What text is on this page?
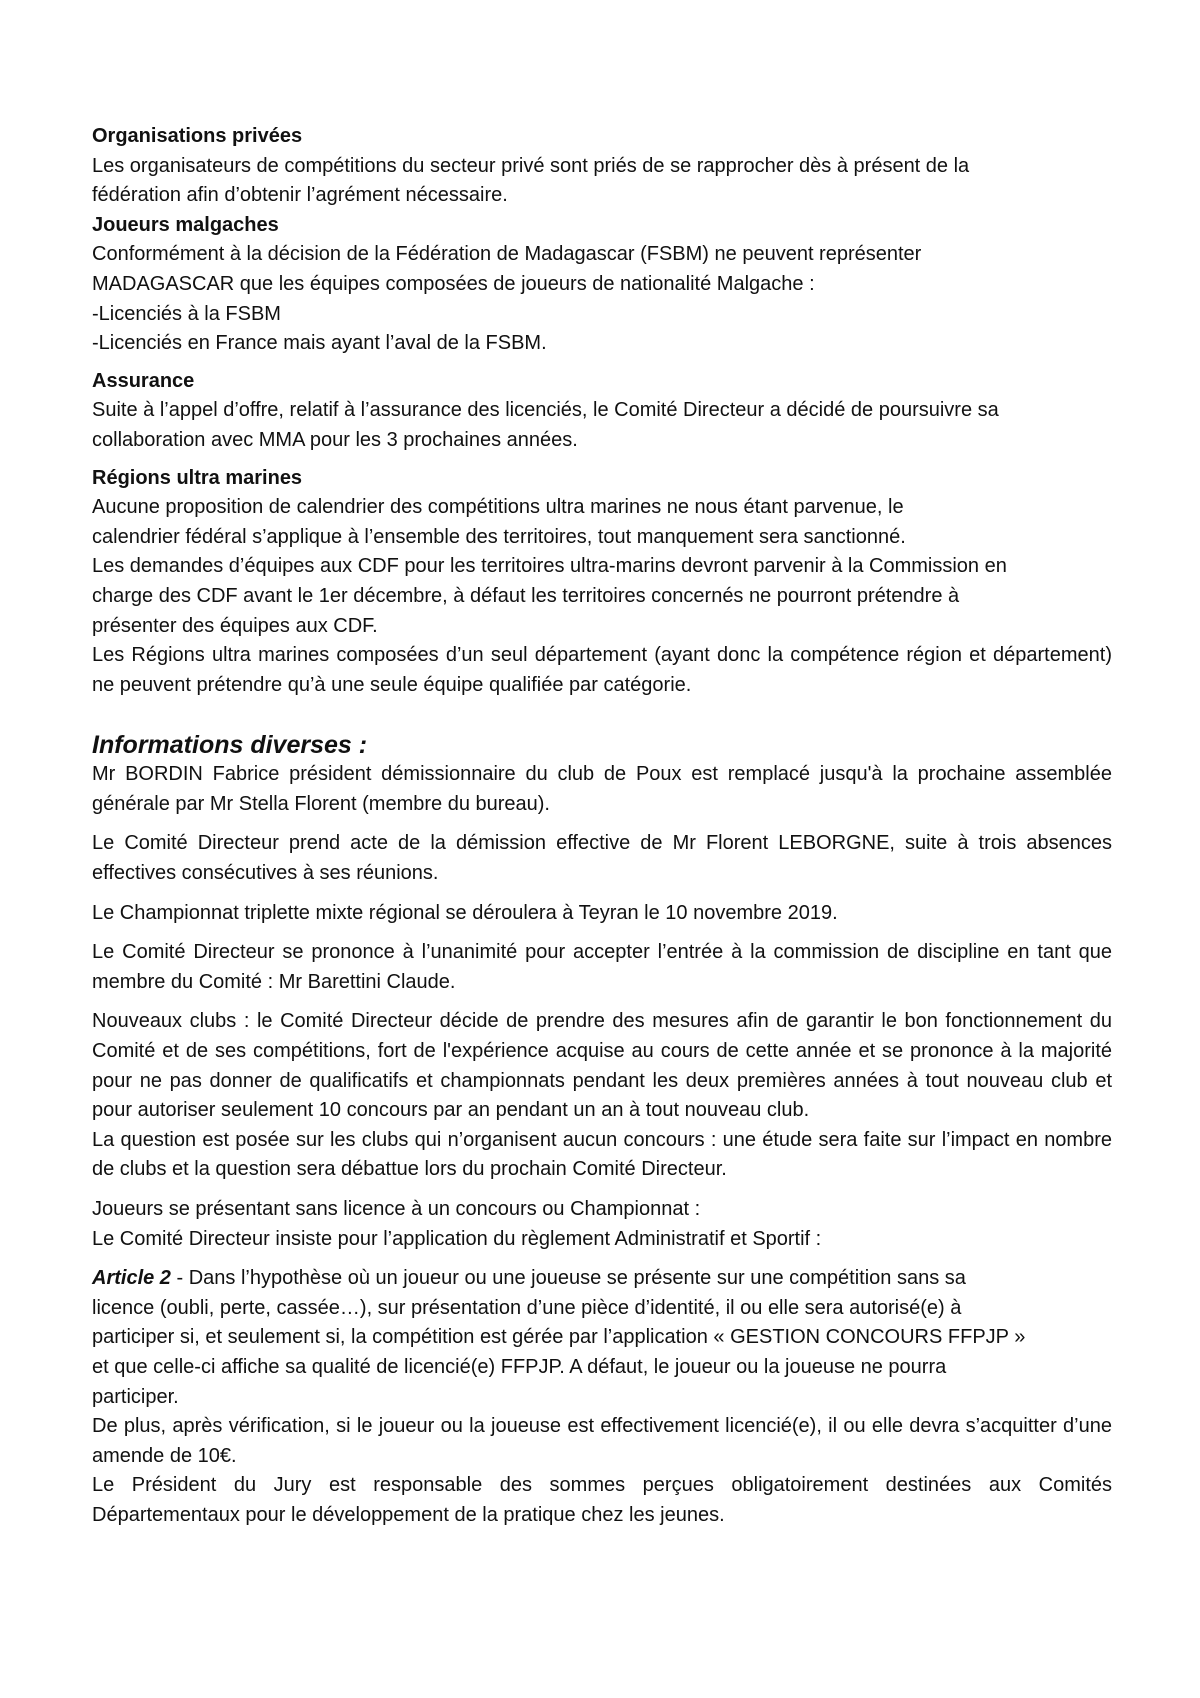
Organisations privées

Les organisateurs de compétitions du secteur privé sont priés de se rapprocher dès à présent de la

fédération afin d’obtenir l’agrément nécessaire.

Joueurs malgaches

Conformément à la décision de la Fédération de Madagascar (FSBM) ne peuvent représenter

MADAGASCAR que les équipes composées de joueurs de nationalité Malgache :

-Licenciés à la FSBM

-Licenciés en France mais ayant l’aval de la FSBM.

Assurance

Suite à l’appel d’offre, relatif à l’assurance des licenciés, le Comité Directeur a décidé de poursuivre sa

collaboration avec MMA pour les 3 prochaines années.

Régions ultra marines

Aucune proposition de calendrier des compétitions ultra marines ne nous étant parvenue, le

calendrier fédéral s’applique à l’ensemble des territoires, tout manquement sera sanctionné.

Les demandes d’équipes aux CDF pour les territoires ultra-marins devront parvenir à la Commission en

charge des CDF avant le 1er décembre, à défaut les territoires concernés ne pourront prétendre à

présenter des équipes aux CDF.

Les Régions ultra marines composées d’un seul département (ayant donc la compétence région et département) ne peuvent prétendre qu’à une seule équipe qualifiée par catégorie.

Informations diverses :

Mr BORDIN Fabrice président démissionnaire du club de Poux est remplacé jusqu'à la prochaine assemblée générale par Mr Stella Florent (membre du bureau).

Le Comité Directeur prend acte de la démission effective de Mr Florent LEBORGNE, suite à trois absences effectives consécutives à ses réunions.

Le Championnat triplette mixte régional se déroulera à Teyran le 10 novembre 2019.

Le Comité Directeur se prononce à l’unanimité pour accepter l’entrée à la commission de discipline en tant que membre du Comité : Mr Barettini Claude.

Nouveaux clubs : le Comité Directeur décide de prendre des mesures afin de garantir le bon fonctionnement du Comité et de ses compétitions, fort de l'expérience acquise au cours de cette année et se prononce à la majorité pour ne pas donner de qualificatifs et championnats pendant les deux premières années à tout nouveau club et pour autoriser seulement 10 concours par an pendant un an à tout nouveau club.

La question est posée sur les clubs qui n’organisent aucun concours : une étude sera faite sur l’impact en nombre de clubs et la question sera débattue lors du prochain Comité Directeur.

Joueurs se présentant sans licence à un concours ou Championnat :

Le Comité Directeur insiste pour l’application du règlement Administratif et Sportif :

Article 2 - Dans l’hypothèse où un joueur ou une joueuse se présente sur une compétition sans sa

licence (oubli, perte, cassée…), sur présentation d’une pièce d’identité, il ou elle sera autorisé(e) à

participer si, et seulement si, la compétition est gérée par l’application « GESTION CONCOURS FFPJP »

et que celle-ci affiche sa qualité de licencié(e) FFPJP. A défaut, le joueur ou la joueuse ne pourra

participer.

De plus, après vérification, si le joueur ou la joueuse est effectivement licencié(e), il ou elle devra s’acquitter d’une amende de 10€.

Le Président du Jury est responsable des sommes perçues obligatoirement destinées aux Comités Départementaux pour le développement de la pratique chez les jeunes.
